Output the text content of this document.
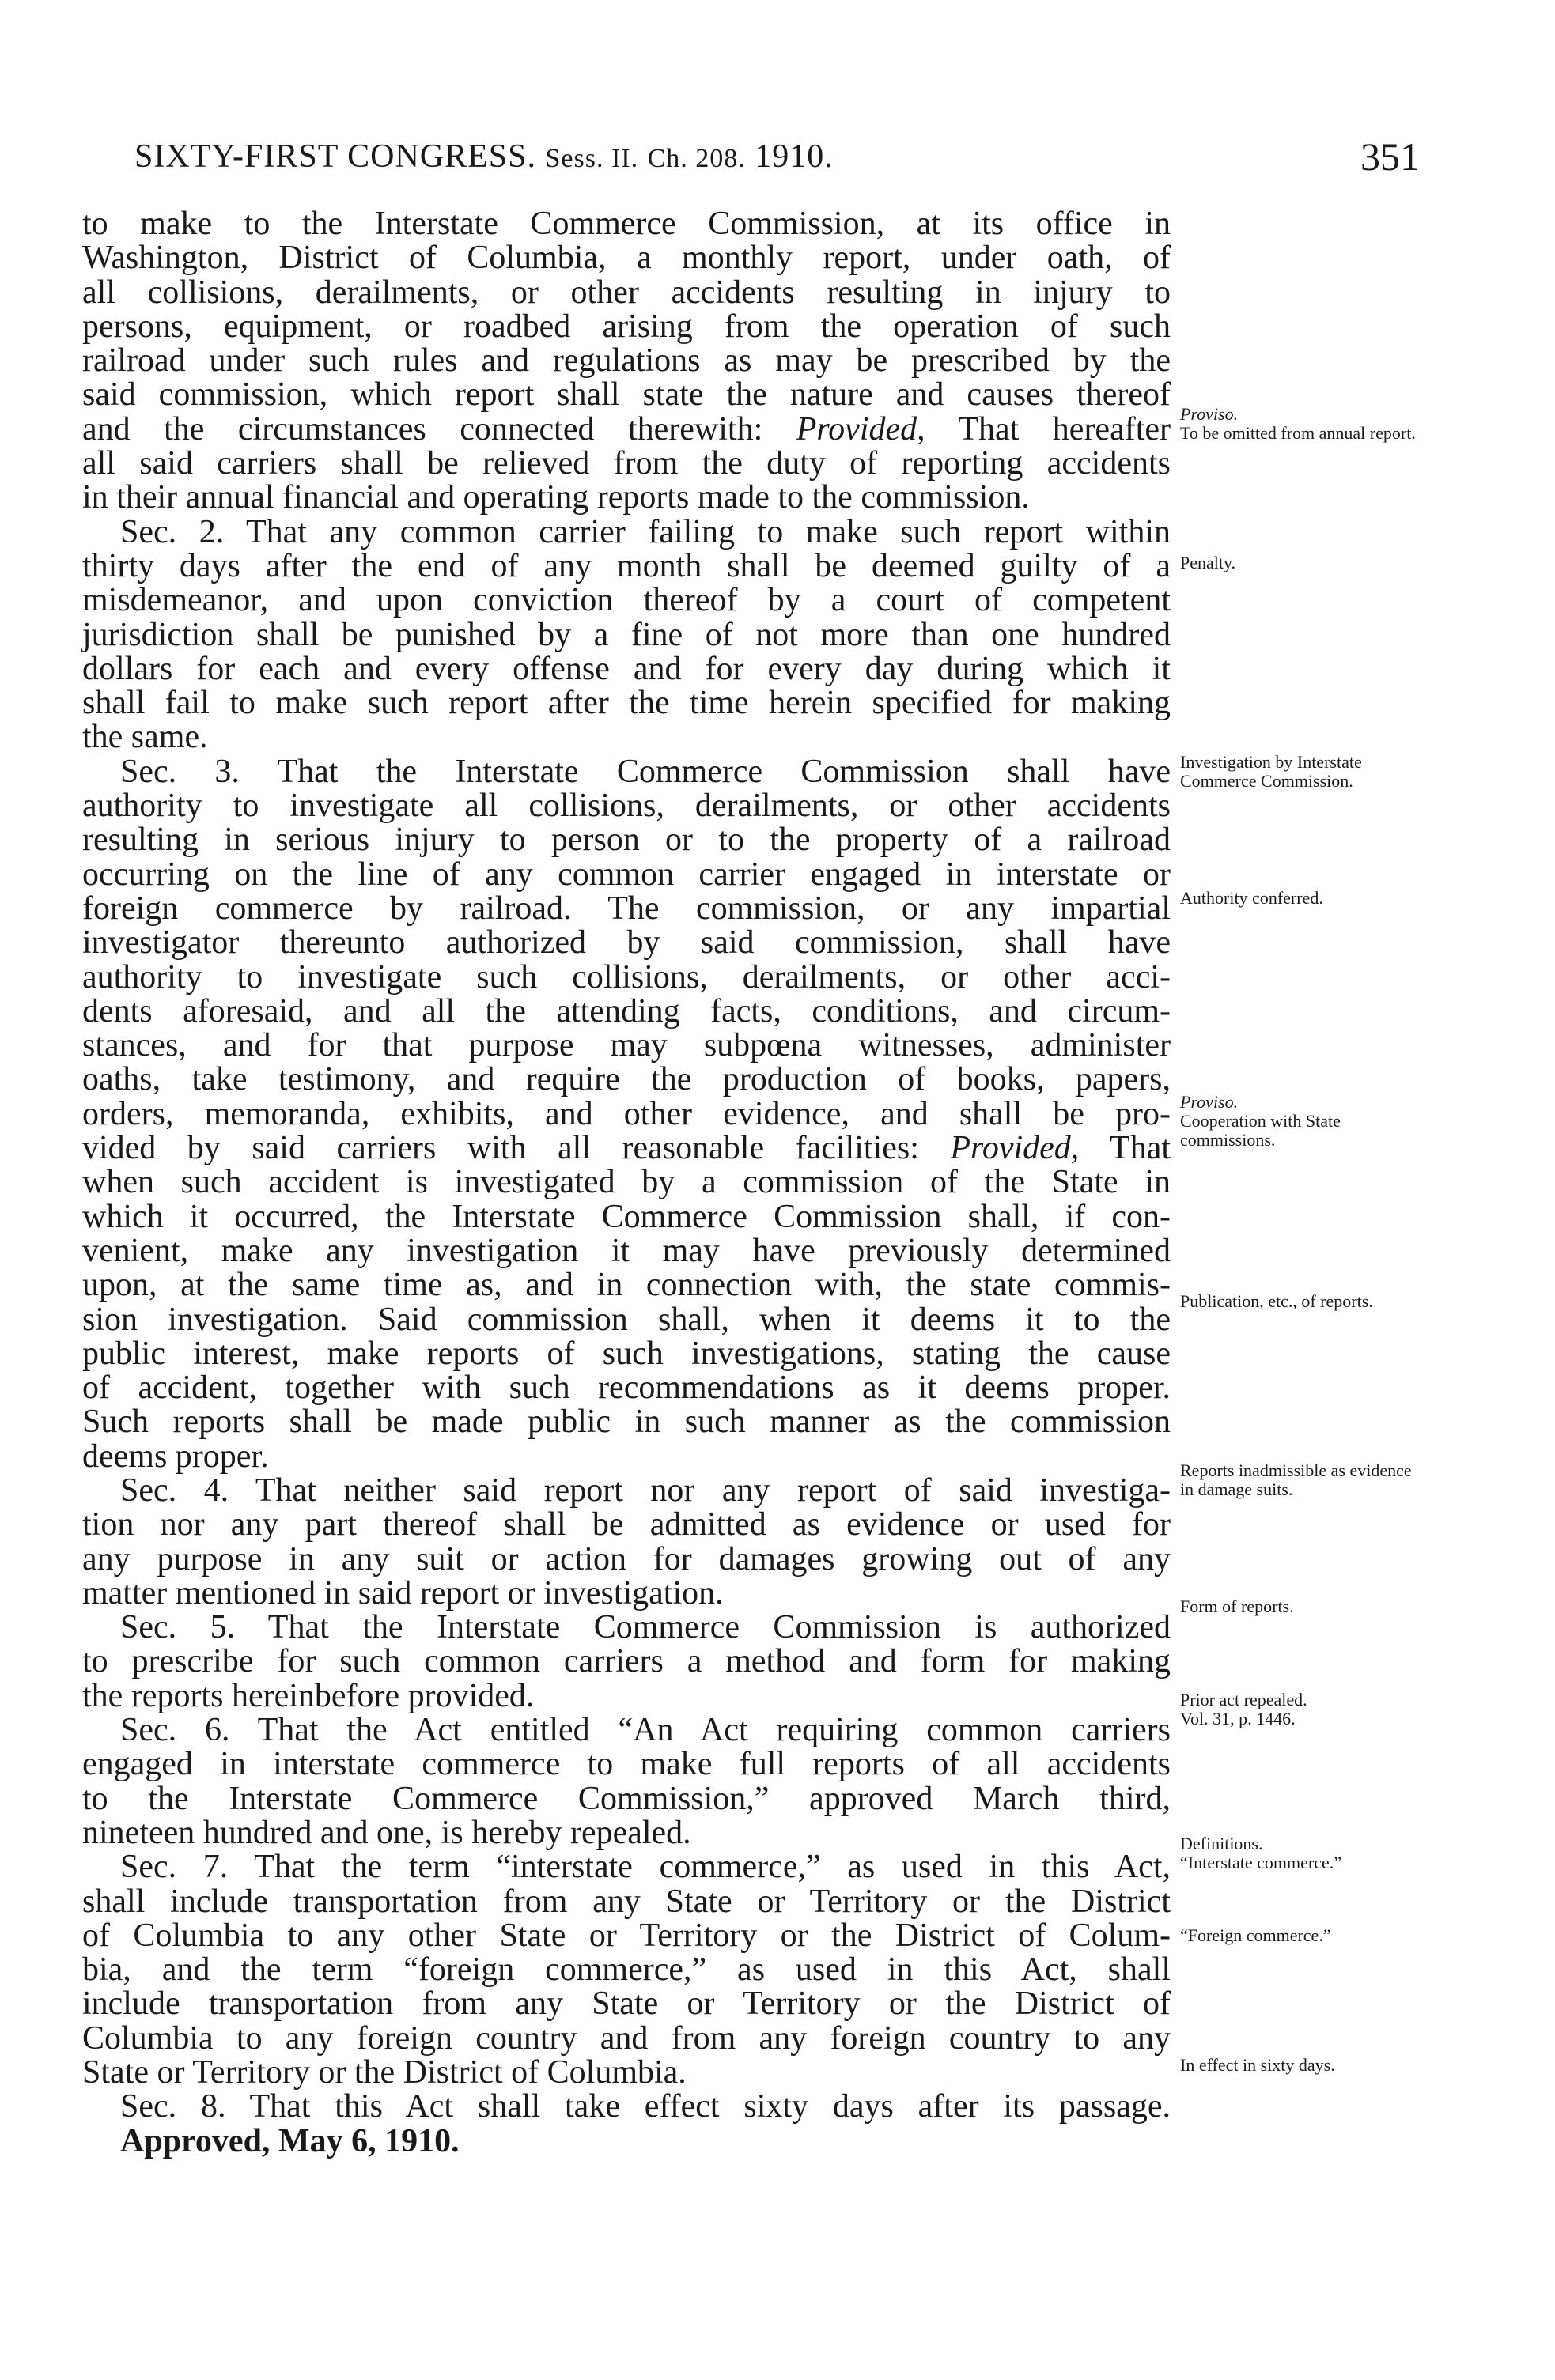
SIXTY-FIRST CONGRESS. Sess. II. Ch. 208. 1910.	351
to make to the Interstate Commerce Commission, at its office in
Washington, District of Columbia, a monthly report, under oath, of
all collisions, derailments, or other accidents resulting in injury to
persons, equipment, or roadbed arising from the operation of such
railroad under such rules and regulations as may be prescribed by the
said commission, which report shall state the nature and causes thereof
and the circumstances connected therewith: Provided, That hereafter
all said carriers shall be relieved from the duty of reporting accidents
in their annual financial and operating reports made to the commission.
Sec. 2. That any common carrier failing to make such report within
thirty days after the end of any month shall be deemed guilty of a
misdemeanor, and upon conviction thereof by a court of competent
jurisdiction shall be punished by a fine of not more than one hundred
dollars for each and every offense and for every day during which it
shall fail to make such report after the time herein specified for making
the same.
Sec. 3. That the Interstate Commerce Commission shall have
authority to investigate all collisions, derailments, or other accidents
resulting in serious injury to person or to the property of a railroad
occurring on the line of any common carrier engaged in interstate or
foreign commerce by railroad. The commission, or any impartial
investigator thereunto authorized by said commission, shall have
authority to investigate such collisions, derailments, or other acci-
dents aforesaid, and all the attending facts, conditions, and circum-
stances, and for that purpose may subpœna witnesses, administer
oaths, take testimony, and require the production of books, papers,
orders, memoranda, exhibits, and other evidence, and shall be pro-
vided by said carriers with all reasonable facilities: Provided, That
when such accident is investigated by a commission of the State in
which it occurred, the Interstate Commerce Commission shall, if con-
venient, make any investigation it may have previously determined
upon, at the same time as, and in connection with, the state commis-
sion investigation. Said commission shall, when it deems it to the
public interest, make reports of such investigations, stating the cause
of accident, together with such recommendations as it deems proper.
Such reports shall be made public in such manner as the commission
deems proper.
Sec. 4. That neither said report nor any report of said investiga-
tion nor any part thereof shall be admitted as evidence or used for
any purpose in any suit or action for damages growing out of any
matter mentioned in said report or investigation.
Sec. 5. That the Interstate Commerce Commission is authorized
to prescribe for such common carriers a method and form for making
the reports hereinbefore provided.
Sec. 6. That the Act entitled “An Act requiring common carriers
engaged in interstate commerce to make full reports of all accidents
to the Interstate Commerce Commission,” approved March third,
nineteen hundred and one, is hereby repealed.
Sec. 7. That the term “interstate commerce,” as used in this Act,
shall include transportation from any State or Territory or the District
of Columbia to any other State or Territory or the District of Colum-
bia, and the term “foreign commerce,” as used in this Act, shall
include transportation from any State or Territory or the District of
Columbia to any foreign country and from any foreign country to any
State or Territory or the District of Columbia.
Sec. 8. That this Act shall take effect sixty days after its passage.
Approved, May 6, 1910.
Proviso.
To be omitted from annual report.
Penalty.
Investigation by Interstate Commerce Commission.
Authority conferred.
Proviso.
Cooperation with State commissions.
Publication, etc., of reports.
Reports inadmissible as evidence in damage suits.
Form of reports.
Prior act repealed.
Vol. 31, p. 1446.
Definitions.
“Interstate commerce.”
“Foreign commerce.”
In effect in sixty days.
